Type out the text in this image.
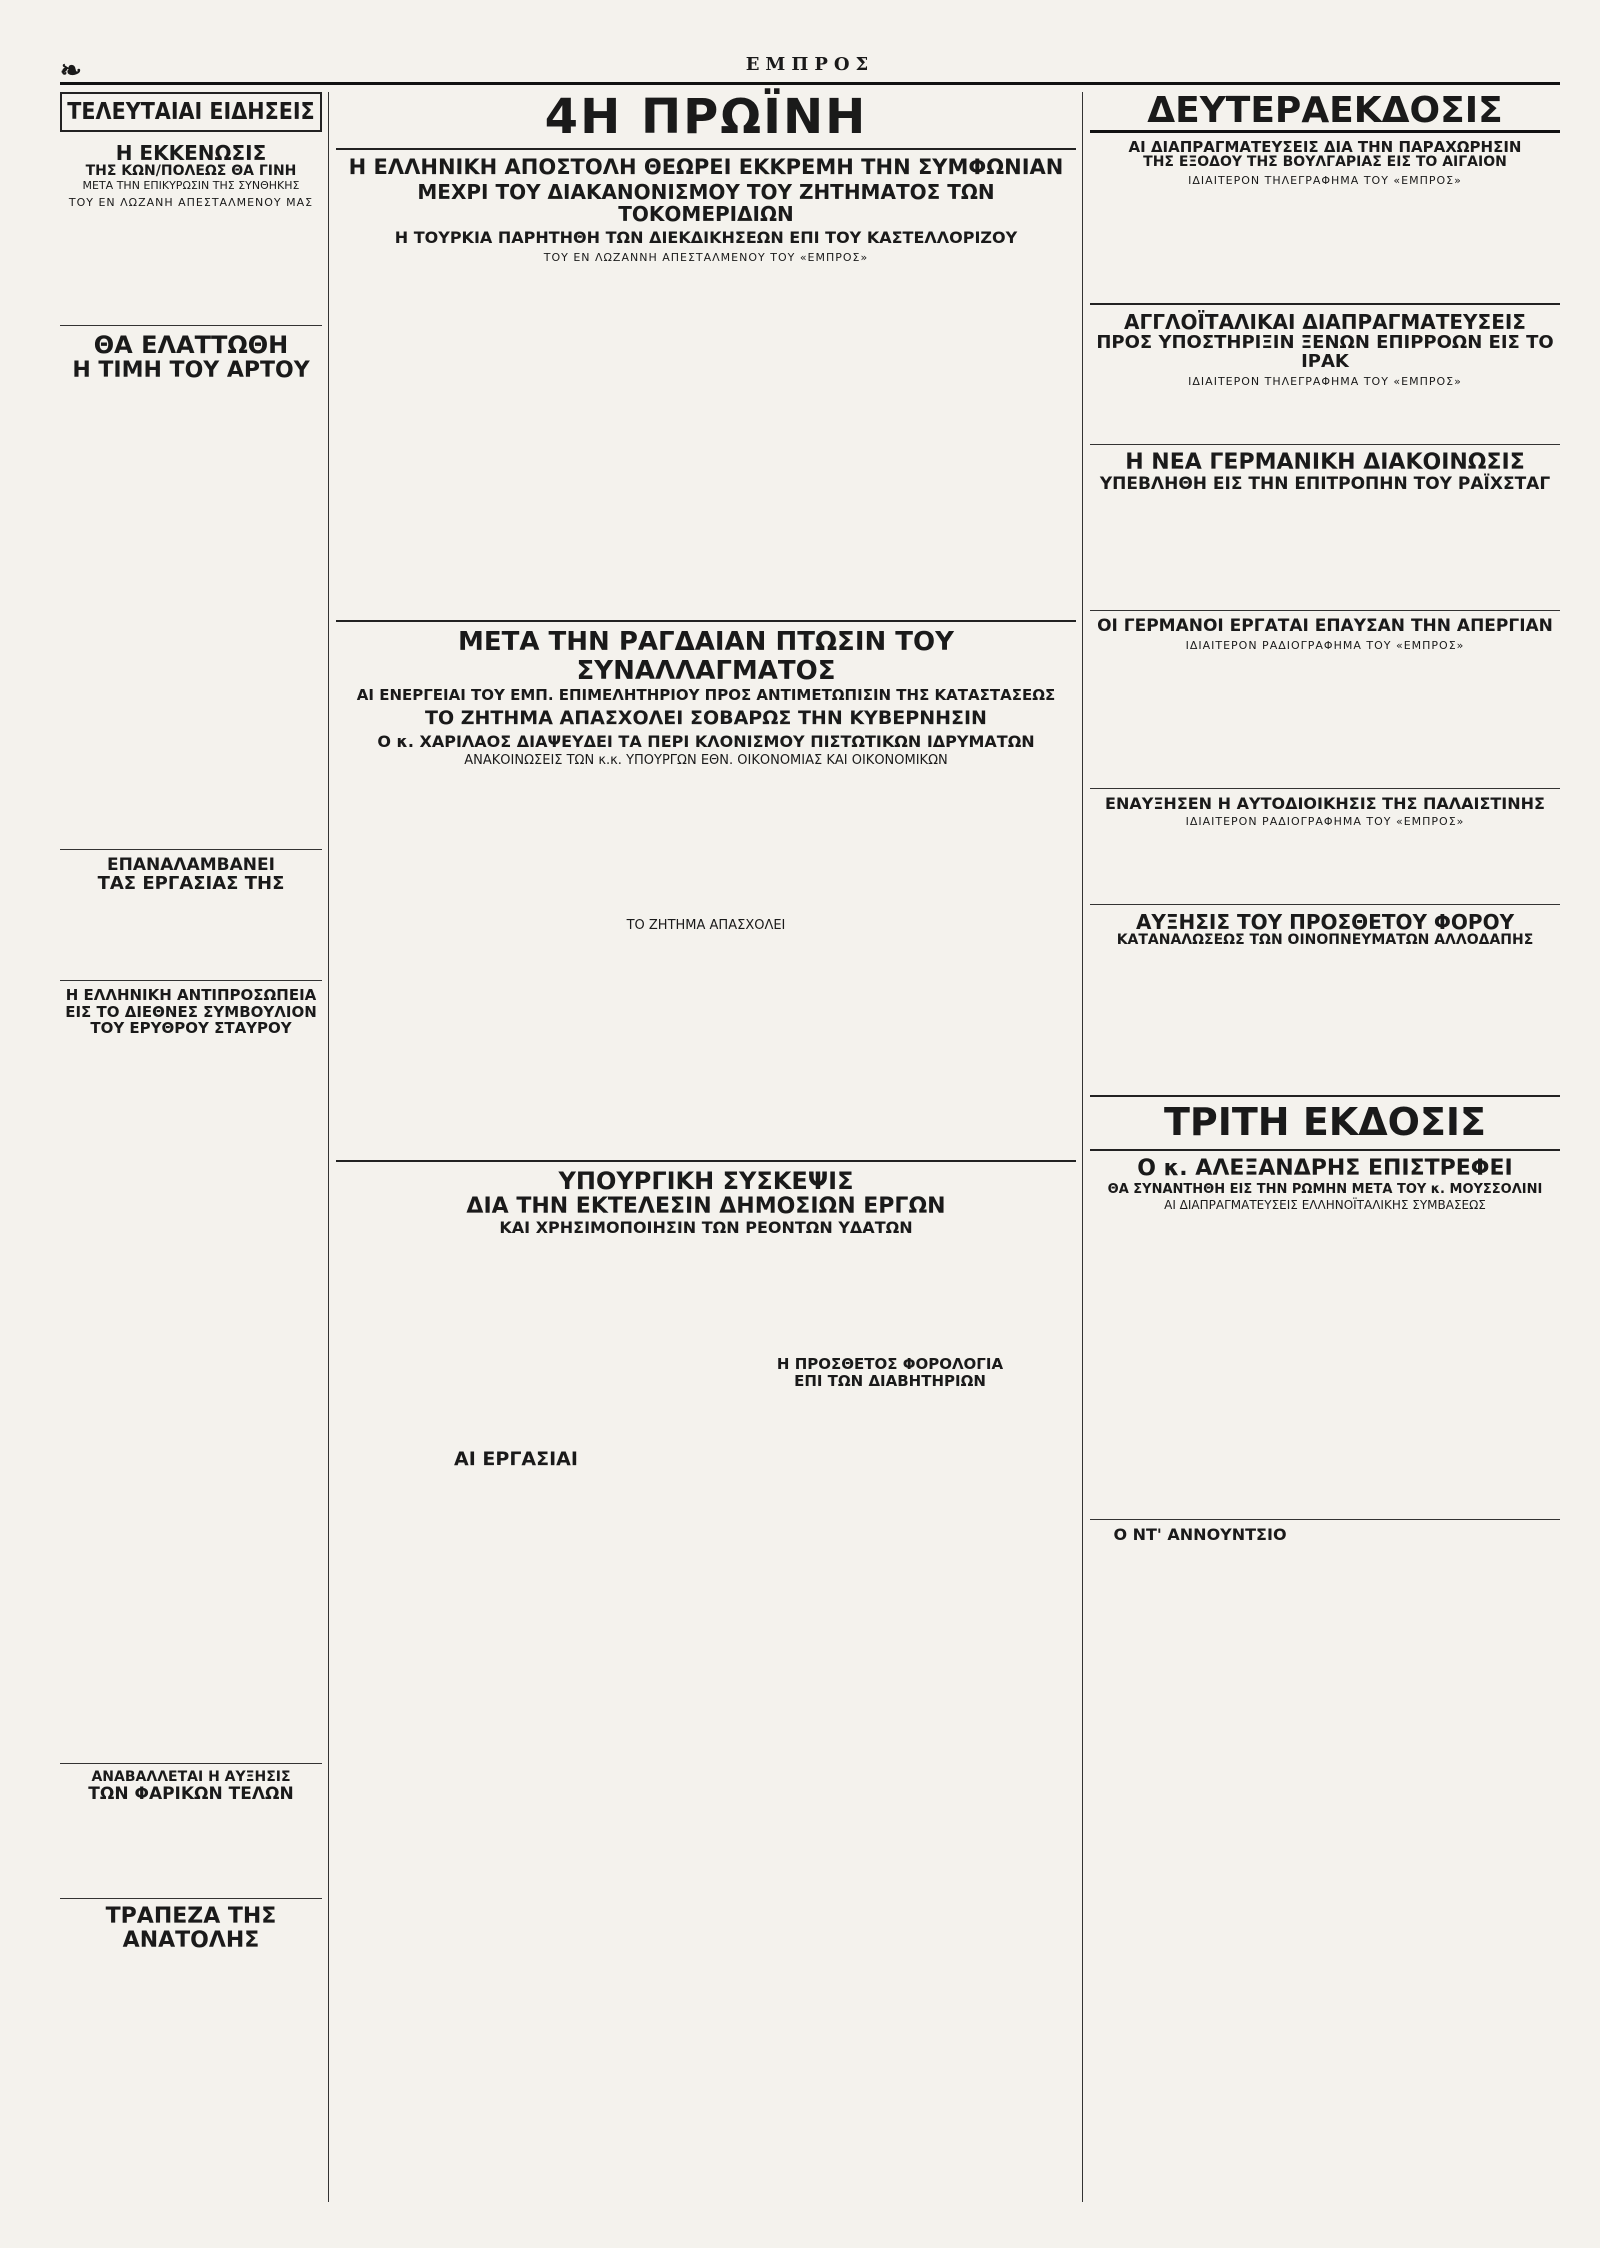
❧	ΕΜΠΡΟΣ
ΤΕΛΕΥΤΑΙΑΙ ΕΙΔΗΣΕΙΣ
Η ΕΚΚΕΝΩΣΙΣ
ΤΗΣ ΚΩΝ/ΠΟΛΕΩΣ ΘΑ ΓΙΝΗ
ΜΕΤΑ ΤΗΝ ΕΠΙΚΥΡΩΣΙΝ ΤΗΣ ΣΥΝΘΗΚΗΣ
ΤΟΥ ΕΝ ΛΩΖΑΝΗ ΑΠΕΣΤΑΛΜΕΝΟΥ ΜΑΣ
ΘΑ ΕΛΑΤΤΩΘΗ
Η ΤΙΜΗ ΤΟΥ ΑΡΤΟΥ
ΕΠΑΝΑΛΑΜΒΑΝΕΙ
ΤΑΣ ΕΡΓΑΣΙΑΣ ΤΗΣ
Η ΕΛΛΗΝΙΚΗ ΑΝΤΙΠΡΟΣΩΠΕΙΑ
ΕΙΣ ΤΟ ΔΙΕΘΝΕΣ ΣΥΜΒΟΥΛΙΟΝ
ΤΟΥ ΕΡΥΘΡΟΥ ΣΤΑΥΡΟΥ
ΑΝΑΒΑΛΛΕΤΑΙ Η ΑΥΞΗΣΙΣ
ΤΩΝ ΦΑΡΙΚΩΝ ΤΕΛΩΝ
ΤΡΑΠΕΖΑ ΤΗΣ ΑΝΑΤΟΛΗΣ
4Η ΠΡΩΪΝΗ
Η ΕΛΛΗΝΙΚΗ ΑΠΟΣΤΟΛΗ ΘΕΩΡΕΙ ΕΚΚΡΕΜΗ ΤΗΝ ΣΥΜΦΩΝΙΑΝ
ΜΕΧΡΙ ΤΟΥ ΔΙΑΚΑΝΟΝΙΣΜΟΥ ΤΟΥ ΖΗΤΗΜΑΤΟΣ ΤΩΝ ΤΟΚΟΜΕΡΙΔΙΩΝ
Η ΤΟΥΡΚΙΑ ΠΑΡΗΤΗΘΗ ΤΩΝ ΔΙΕΚΔΙΚΗΣΕΩΝ ΕΠΙ ΤΟΥ ΚΑΣΤΕΛΛΟΡΙΖΟΥ
ΤΟΥ ΕΝ ΛΩΖΑΝΝΗ ΑΠΕΣΤΑΛΜΕΝΟΥ ΤΟΥ «ΕΜΠΡΟΣ»
ΜΕΤΑ ΤΗΝ ΡΑΓΔΑΙΑΝ ΠΤΩΣΙΝ ΤΟΥ ΣΥΝΑΛΛΑΓΜΑΤΟΣ
ΑΙ ΕΝΕΡΓΕΙΑΙ ΤΟΥ ΕΜΠ. ΕΠΙΜΕΛΗΤΗΡΙΟΥ ΠΡΟΣ ΑΝΤΙΜΕΤΩΠΙΣΙΝ ΤΗΣ ΚΑΤΑΣΤΑΣΕΩΣ
ΤΟ ΖΗΤΗΜΑ ΑΠΑΣΧΟΛΕΙ ΣΟΒΑΡΩΣ ΤΗΝ ΚΥΒΕΡΝΗΣΙΝ
Ο κ. ΧΑΡΙΛΑΟΣ ΔΙΑΨΕΥΔΕΙ ΤΑ ΠΕΡΙ ΚΛΟΝΙΣΜΟΥ ΠΙΣΤΩΤΙΚΩΝ ΙΔΡΥΜΑΤΩΝ
ΑΝΑΚΟΙΝΩΣΕΙΣ ΤΩΝ κ.κ. ΥΠΟΥΡΓΩΝ ΕΘΝ. ΟΙΚΟΝΟΜΙΑΣ ΚΑΙ ΟΙΚΟΝΟΜΙΚΩΝ
ΤΟ ΖΗΤΗΜΑ ΑΠΑΣΧΟΛΕΙ
ΥΠΟΥΡΓΙΚΗ ΣΥΣΚΕΨΙΣ
ΔΙΑ ΤΗΝ ΕΚΤΕΛΕΣΙΝ ΔΗΜΟΣΙΩΝ ΕΡΓΩΝ
ΚΑΙ ΧΡΗΣΙΜΟΠΟΙΗΣΙΝ ΤΩΝ ΡΕΟΝΤΩΝ ΥΔΑΤΩΝ
Η ΠΡΟΣΘΕΤΟΣ ΦΟΡΟΛΟΓΙΑ
ΕΠΙ ΤΩΝ ΔΙΑΒΗΤΗΡΙΩΝ
ΑΙ ΕΡΓΑΣΙΑΙ
ΔΕΥΤΕΡΑΕΚΔΟΣΙΣ
ΑΙ ΔΙΑΠΡΑΓΜΑΤΕΥΣΕΙΣ ΔΙΑ ΤΗΝ ΠΑΡΑΧΩΡΗΣΙΝ
ΤΗΣ ΕΞΟΔΟΥ ΤΗΣ ΒΟΥΛΓΑΡΙΑΣ ΕΙΣ ΤΟ ΑΙΓΑΙΟΝ
ΙΔΙΑΙΤΕΡΟΝ ΤΗΛΕΓΡΑΦΗΜΑ ΤΟΥ «ΕΜΠΡΟΣ»
ΑΓΓΛΟΪΤΑΛΙΚΑΙ ΔΙΑΠΡΑΓΜΑΤΕΥΣΕΙΣ
ΠΡΟΣ ΥΠΟΣΤΗΡΙΞΙΝ ΞΕΝΩΝ ΕΠΙΡΡΟΩΝ ΕΙΣ ΤΟ ΙΡΑΚ
ΙΔΙΑΙΤΕΡΟΝ ΤΗΛΕΓΡΑΦΗΜΑ ΤΟΥ «ΕΜΠΡΟΣ»
Η ΝΕΑ ΓΕΡΜΑΝΙΚΗ ΔΙΑΚΟΙΝΩΣΙΣ
ΥΠΕΒΛΗΘΗ ΕΙΣ ΤΗΝ ΕΠΙΤΡΟΠΗΝ ΤΟΥ ΡΑΪΧΣΤΑΓ
ΟΙ ΓΕΡΜΑΝΟΙ ΕΡΓΑΤΑΙ ΕΠΑΥΣΑΝ ΤΗΝ ΑΠΕΡΓΙΑΝ
ΙΔΙΑΙΤΕΡΟΝ ΡΑΔΙΟΓΡΑΦΗΜΑ ΤΟΥ «ΕΜΠΡΟΣ»
ΕΝΑΥΞΗΣΕΝ Η ΑΥΤΟΔΙΟΙΚΗΣΙΣ ΤΗΣ ΠΑΛΑΙΣΤΙΝΗΣ
ΙΔΙΑΙΤΕΡΟΝ ΡΑΔΙΟΓΡΑΦΗΜΑ ΤΟΥ «ΕΜΠΡΟΣ»
ΑΥΞΗΣΙΣ ΤΟΥ ΠΡΟΣΘΕΤΟΥ ΦΟΡΟΥ
ΚΑΤΑΝΑΛΩΣΕΩΣ ΤΩΝ ΟΙΝΟΠΝΕΥΜΑΤΩΝ ΑΛΛΟΔΑΠΗΣ
ΤΡΙΤΗ ΕΚΔΟΣΙΣ
Ο κ. ΑΛΕΞΑΝΔΡΗΣ ΕΠΙΣΤΡΕΦΕΙ
ΘΑ ΣΥΝΑΝΤΗΘΗ ΕΙΣ ΤΗΝ ΡΩΜΗΝ ΜΕΤΑ ΤΟΥ κ. ΜΟΥΣΣΟΛΙΝΙ
ΑΙ ΔΙΑΠΡΑΓΜΑΤΕΥΣΕΙΣ ΕΛΛΗΝΟΪΤΑΛΙΚΗΣ ΣΥΜΒΑΣΕΩΣ
Ο ΝΤ' ΑΝΝΟΥΝΤΣΙΟ
